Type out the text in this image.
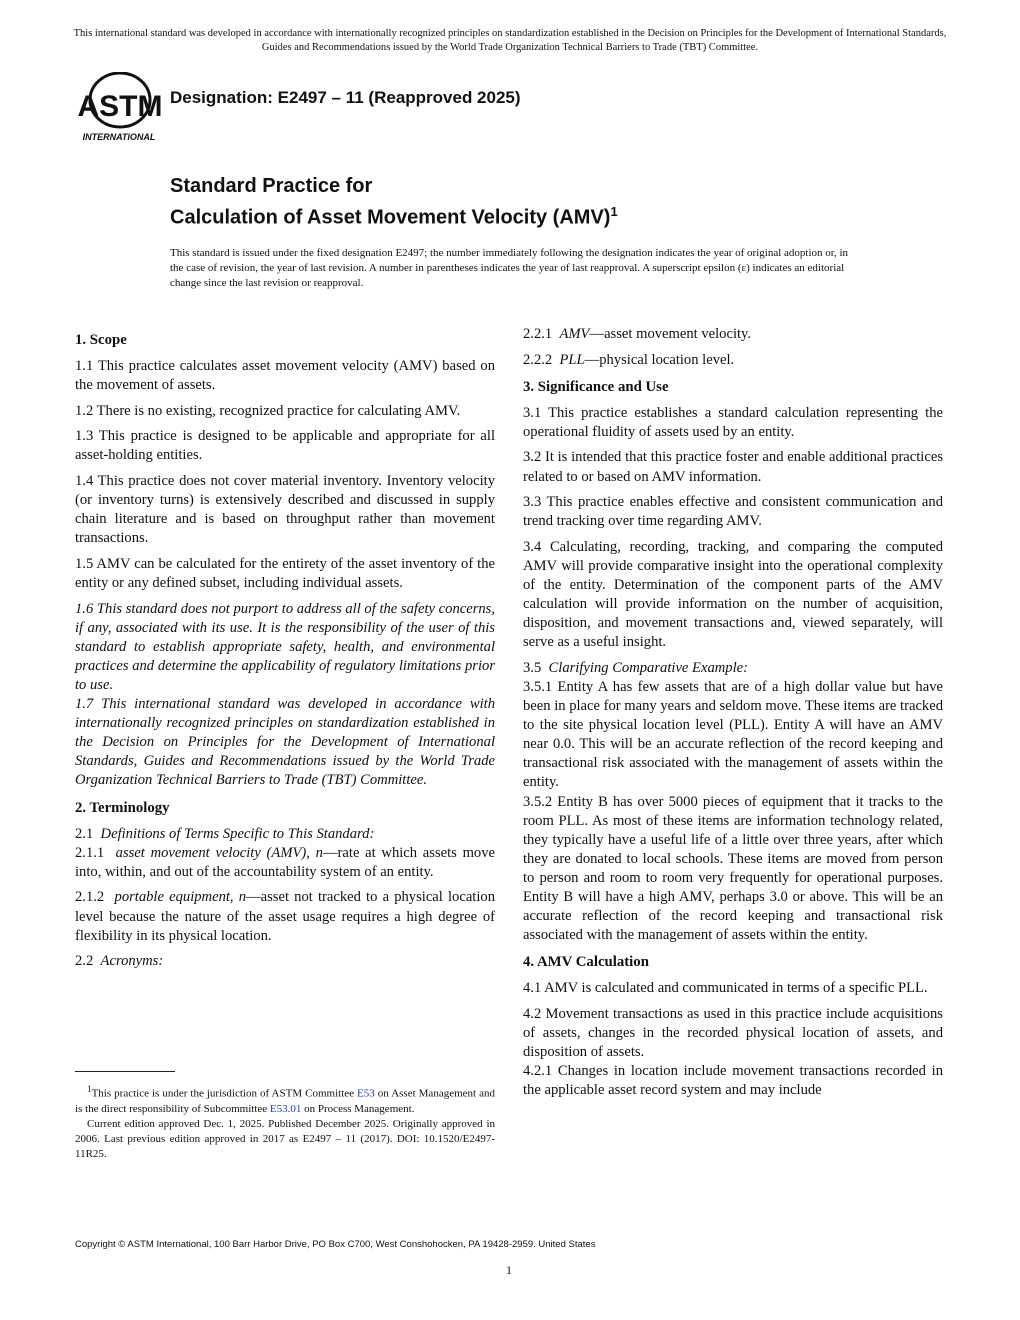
This international standard was developed in accordance with internationally recognized principles on standardization established in the Decision on Principles for the Development of International Standards, Guides and Recommendations issued by the World Trade Organization Technical Barriers to Trade (TBT) Committee.
ASTM
INTERNATIONAL
Designation: E2497 – 11 (Reapproved 2025)
Standard Practice for
Calculation of Asset Movement Velocity (AMV)$^1$
This standard is issued under the fixed designation E2497; the number immediately following the designation indicates the year of original adoption or, in the case of revision, the year of last revision. A number in parentheses indicates the year of last reapproval. A superscript epsilon (ε) indicates an editorial change since the last revision or reapproval.
1. Scope

1.1 This practice calculates asset movement velocity (AMV) based on the movement of assets.

1.2 There is no existing, recognized practice for calculating AMV.

1.3 This practice is designed to be applicable and appropriate for all asset-holding entities.

1.4 This practice does not cover material inventory. Inventory velocity (or inventory turns) is extensively described and discussed in supply chain literature and is based on throughput rather than movement transactions.

1.5 AMV can be calculated for the entirety of the asset inventory of the entity or any defined subset, including individual assets.

1.6 This standard does not purport to address all of the safety concerns, if any, associated with its use. It is the responsibility of the user of this standard to establish appropriate safety, health, and environmental practices and determine the applicability of regulatory limitations prior to use.

1.7 This international standard was developed in accordance with internationally recognized principles on standardization established in the Decision on Principles for the Development of International Standards, Guides and Recommendations issued by the World Trade Organization Technical Barriers to Trade (TBT) Committee.

2. Terminology

2.1 Definitions of Terms Specific to This Standard:

2.1.1 asset movement velocity (AMV), n—rate at which assets move into, within, and out of the accountability system of an entity.

2.1.2 portable equipment, n—asset not tracked to a physical location level because the nature of the asset usage requires a high degree of flexibility in its physical location.

2.2 Acronyms:

2.2.1 AMV—asset movement velocity.

2.2.2 PLL—physical location level.

3. Significance and Use

3.1 This practice establishes a standard calculation representing the operational fluidity of assets used by an entity.

3.2 It is intended that this practice foster and enable additional practices related to or based on AMV information.

3.3 This practice enables effective and consistent communication and trend tracking over time regarding AMV.

3.4 Calculating, recording, tracking, and comparing the computed AMV will provide comparative insight into the operational complexity of the entity. Determination of the component parts of the AMV calculation will provide information on the number of acquisition, disposition, and movement transactions and, viewed separately, will serve as a useful insight.

3.5 Clarifying Comparative Example:

3.5.1 Entity A has few assets that are of a high dollar value but have been in place for many years and seldom move. These items are tracked to the site physical location level (PLL). Entity A will have an AMV near 0.0. This will be an accurate reflection of the record keeping and transactional risk associated with the management of assets within the entity.

3.5.2 Entity B has over 5000 pieces of equipment that it tracks to the room PLL. As most of these items are information technology related, they typically have a useful life of a little over three years, after which they are donated to local schools. These items are moved from person to person and room to room very frequently for operational purposes. Entity B will have a high AMV, perhaps 3.0 or above. This will be an accurate reflection of the record keeping and transactional risk associated with the management of assets within the entity.

4. AMV Calculation

4.1 AMV is calculated and communicated in terms of a specific PLL.

4.2 Movement transactions as used in this practice include acquisitions of assets, changes in the recorded physical location of assets, and disposition of assets.

4.2.1 Changes in location include movement transactions recorded in the applicable asset record system and may include

$^1$This practice is under the jurisdiction of ASTM Committee E53 on Asset Management and is the direct responsibility of Subcommittee E53.01 on Process Management.

Current edition approved Dec. 1, 2025. Published December 2025. Originally approved in 2006. Last previous edition approved in 2017 as E2497 – 11 (2017). DOI: 10.1520/E2497-11R25.

Copyright © ASTM International, 100 Barr Harbor Drive, PO Box C700, West Conshohocken, PA 19428-2959. United States
1
